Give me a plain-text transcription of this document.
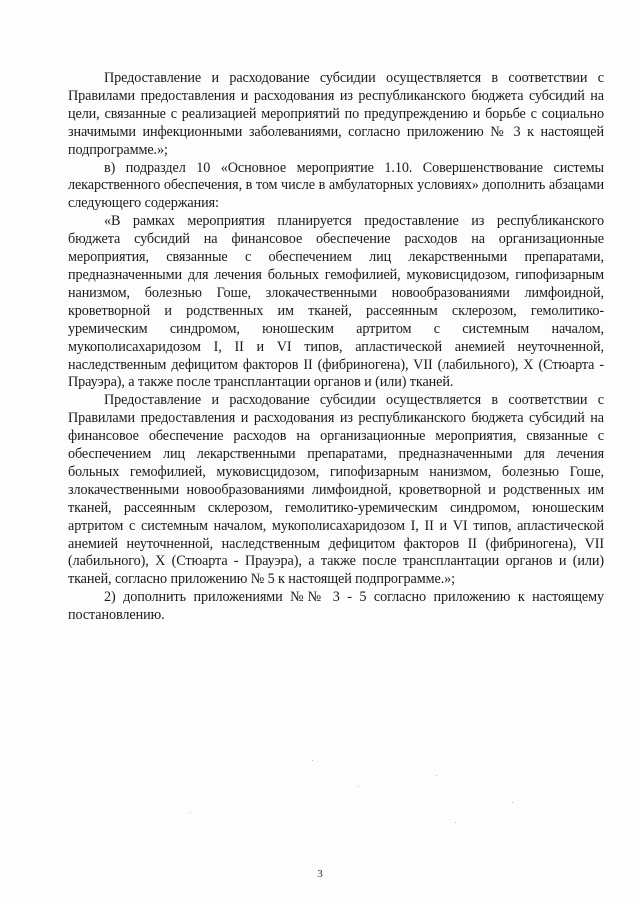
Предоставление и расходование субсидии осуществляется в соответствии с Правилами предоставления и расходования из республиканского бюджета субсидий на цели, связанные с реализацией мероприятий по предупреждению и борьбе с социально значимыми инфекционными заболеваниями, согласно приложению № 3 к настоящей подпрограмме.»;

в) подраздел 10 «Основное мероприятие 1.10. Совершенствование системы лекарственного обеспечения, в том числе в амбулаторных условиях» дополнить абзацами следующего содержания:

«В рамках мероприятия планируется предоставление из республиканского бюджета субсидий на финансовое обеспечение расходов на организационные мероприятия, связанные с обеспечением лиц лекарственными препаратами, предназначенными для лечения больных гемофилией, муковисцидозом, гипофизарным нанизмом, болезнью Гоше, злокачественными новообразованиями лимфоидной, кроветворной и родственных им тканей, рассеянным склерозом, гемолитико-уремическим синдромом, юношеским артритом с системным началом, мукополисахаридозом I, II и VI типов, апластической анемией неуточненной, наследственным дефицитом факторов II (фибриногена), VII (лабильного), X (Стюарта - Прауэра), а также после трансплантации органов и (или) тканей.

Предоставление и расходование субсидии осуществляется в соответствии с Правилами предоставления и расходования из республиканского бюджета субсидий на финансовое обеспечение расходов на организационные мероприятия, связанные с обеспечением лиц лекарственными препаратами, предназначенными для лечения больных гемофилией, муковисцидозом, гипофизарным нанизмом, болезнью Гоше, злокачественными новообразованиями лимфоидной, кроветворной и родственных им тканей, рассеянным склерозом, гемолитико-уремическим синдромом, юношеским артритом с системным началом, мукополисахаридозом I, II и VI типов, апластической анемией неуточненной, наследственным дефицитом факторов II (фибриногена), VII (лабильного), X (Стюарта - Прауэра), а также после трансплантации органов и (или) тканей, согласно приложению № 5 к настоящей подпрограмме.»;

2) дополнить приложениями №№ 3 - 5 согласно приложению к настоящему постановлению.

3
